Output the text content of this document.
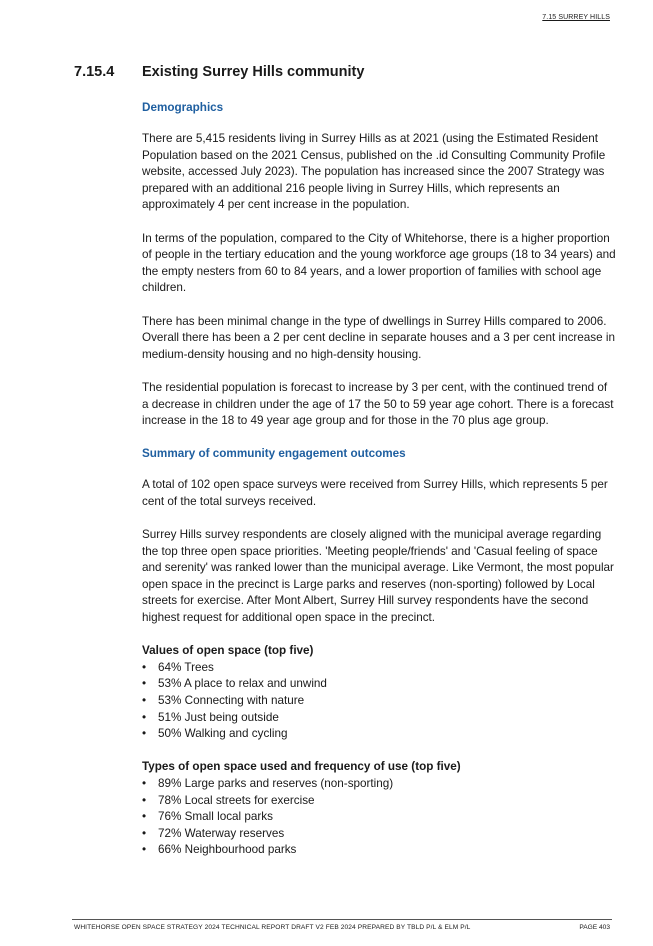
7.15 SURREY HILLS
7.15.4 Existing Surrey Hills community
Demographics

There are 5,415 residents living in Surrey Hills as at 2021 (using the Estimated Resident Population based on the 2021 Census, published on the .id Consulting Community Profile website, accessed July 2023). The population has increased since the 2007 Strategy was prepared with an additional 216 people living in Surrey Hills, which represents an approximately 4 per cent increase in the population.

In terms of the population, compared to the City of Whitehorse, there is a higher proportion of people in the tertiary education and the young workforce age groups (18 to 34 years) and the empty nesters from 60 to 84 years, and a lower proportion of families with school age children.

There has been minimal change in the type of dwellings in Surrey Hills compared to 2006. Overall there has been a 2 per cent decline in separate houses and a 3 per cent increase in medium-density housing and no high-density housing.

The residential population is forecast to increase by 3 per cent, with the continued trend of a decrease in children under the age of 17 the 50 to 59 year age cohort. There is a forecast increase in the 18 to 49 year age group and for those in the 70 plus age group.

Summary of community engagement outcomes

A total of 102 open space surveys were received from Surrey Hills, which represents 5 per cent of the total surveys received.

Surrey Hills survey respondents are closely aligned with the municipal average regarding the top three open space priorities. 'Meeting people/friends' and 'Casual feeling of space and serenity' was ranked lower than the municipal average. Like Vermont, the most popular open space in the precinct is Large parks and reserves (non-sporting) followed by Local streets for exercise. After Mont Albert, Surrey Hill survey respondents have the second highest request for additional open space in the precinct.

Values of open space (top five)
• 64% Trees
• 53% A place to relax and unwind
• 53% Connecting with nature
• 51% Just being outside
• 50% Walking and cycling
Types of open space used and frequency of use (top five)
• 89% Large parks and reserves (non-sporting)
• 78% Local streets for exercise
• 76% Small local parks
• 72% Waterway reserves
• 66% Neighbourhood parks
WHITEHORSE OPEN SPACE STRATEGY 2024 TECHNICAL REPORT DRAFT V2 FEB 2024 PREPARED BY TBLD P/L & ELM P/L	PAGE 403
